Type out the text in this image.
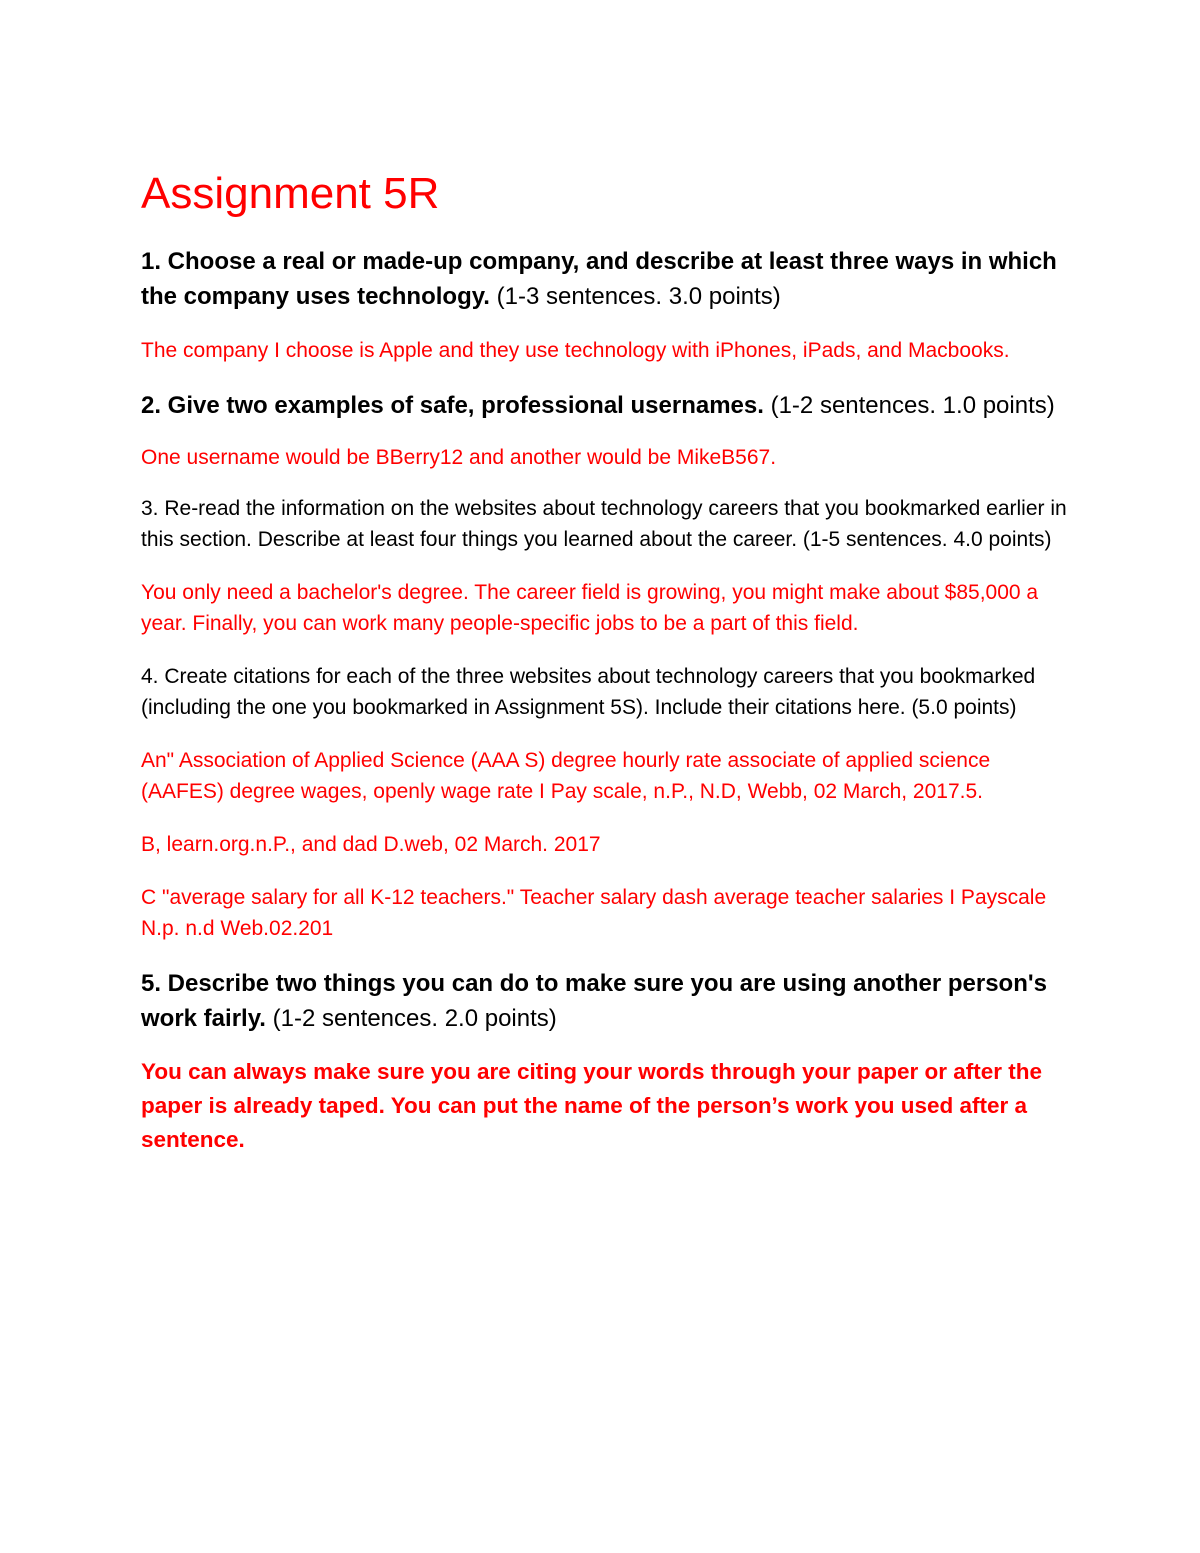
Assignment 5R

1. Choose a real or made-up company, and describe at least three ways in which the company uses technology. (1-3 sentences. 3.0 points)

The company I choose is Apple and they use technology with iPhones, iPads, and Macbooks.

2. Give two examples of safe, professional usernames. (1-2 sentences. 1.0 points)

One username would be BBerry12 and another would be MikeB567.

3. Re-read the information on the websites about technology careers that you bookmarked earlier in this section. Describe at least four things you learned about the career. (1-5 sentences. 4.0 points)

You only need a bachelor's degree. The career field is growing, you might make about $85,000 a year. Finally, you can work many people-specific jobs to be a part of this field.

4. Create citations for each of the three websites about technology careers that you bookmarked (including the one you bookmarked in Assignment 5S). Include their citations here. (5.0 points)

An" Association of Applied Science (AAA S) degree hourly rate associate of applied science (AAFES) degree wages, openly wage rate I Pay scale, n.P., N.D, Webb, 02 March, 2017.5.

B, learn.org.n.P., and dad D.web, 02 March. 2017

C "average salary for all K-12 teachers." Teacher salary dash average teacher salaries I Payscale N.p. n.d Web.02.201

5. Describe two things you can do to make sure you are using another person's work fairly. (1-2 sentences. 2.0 points)

You can always make sure you are citing your words through your paper or after the paper is already taped. You can put the name of the person’s work you used after a sentence.
